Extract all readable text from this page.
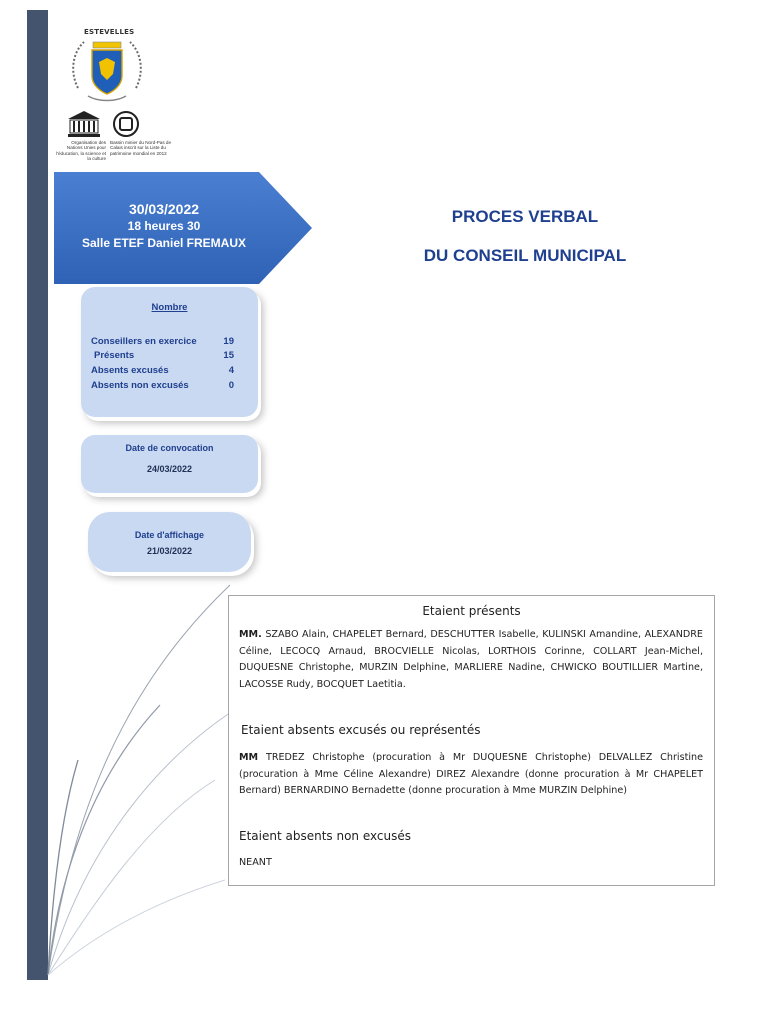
ESTEVELLES
Organisation des Nations Unies pour l'éducation, la science et la culture
Bassin minier du Nord-Pas de Calais inscrit sur la Liste du patrimoine mondial en 2012
30/03/2022
18 heures 30
Salle ETEF Daniel FREMAUX
PROCES VERBAL
DU CONSEIL MUNICIPAL
Nombre
Conseillers en exercice	19
Présents	15
Absents excusés	4
Absents non excusés	0
Date de convocation
24/03/2022
Date d'affichage
21/03/2022
Etaient présents
MM. SZABO Alain, CHAPELET Bernard, DESCHUTTER Isabelle, KULINSKI Amandine, ALEXANDRE Céline, LECOCQ Arnaud, BROCVIELLE Nicolas, LORTHOIS Corinne, COLLART Jean-Michel, DUQUESNE Christophe, MURZIN Delphine, MARLIERE Nadine, CHWICKO BOUTILLIER Martine, LACOSSE Rudy, BOCQUET Laetitia.
Etaient absents excusés ou représentés
MM TREDEZ Christophe (procuration à Mr DUQUESNE Christophe) DELVALLEZ Christine (procuration à Mme Céline Alexandre) DIREZ Alexandre (donne procuration à Mr CHAPELET Bernard) BERNARDINO Bernadette (donne procuration à Mme MURZIN Delphine)
Etaient absents non excusés
NEANT
